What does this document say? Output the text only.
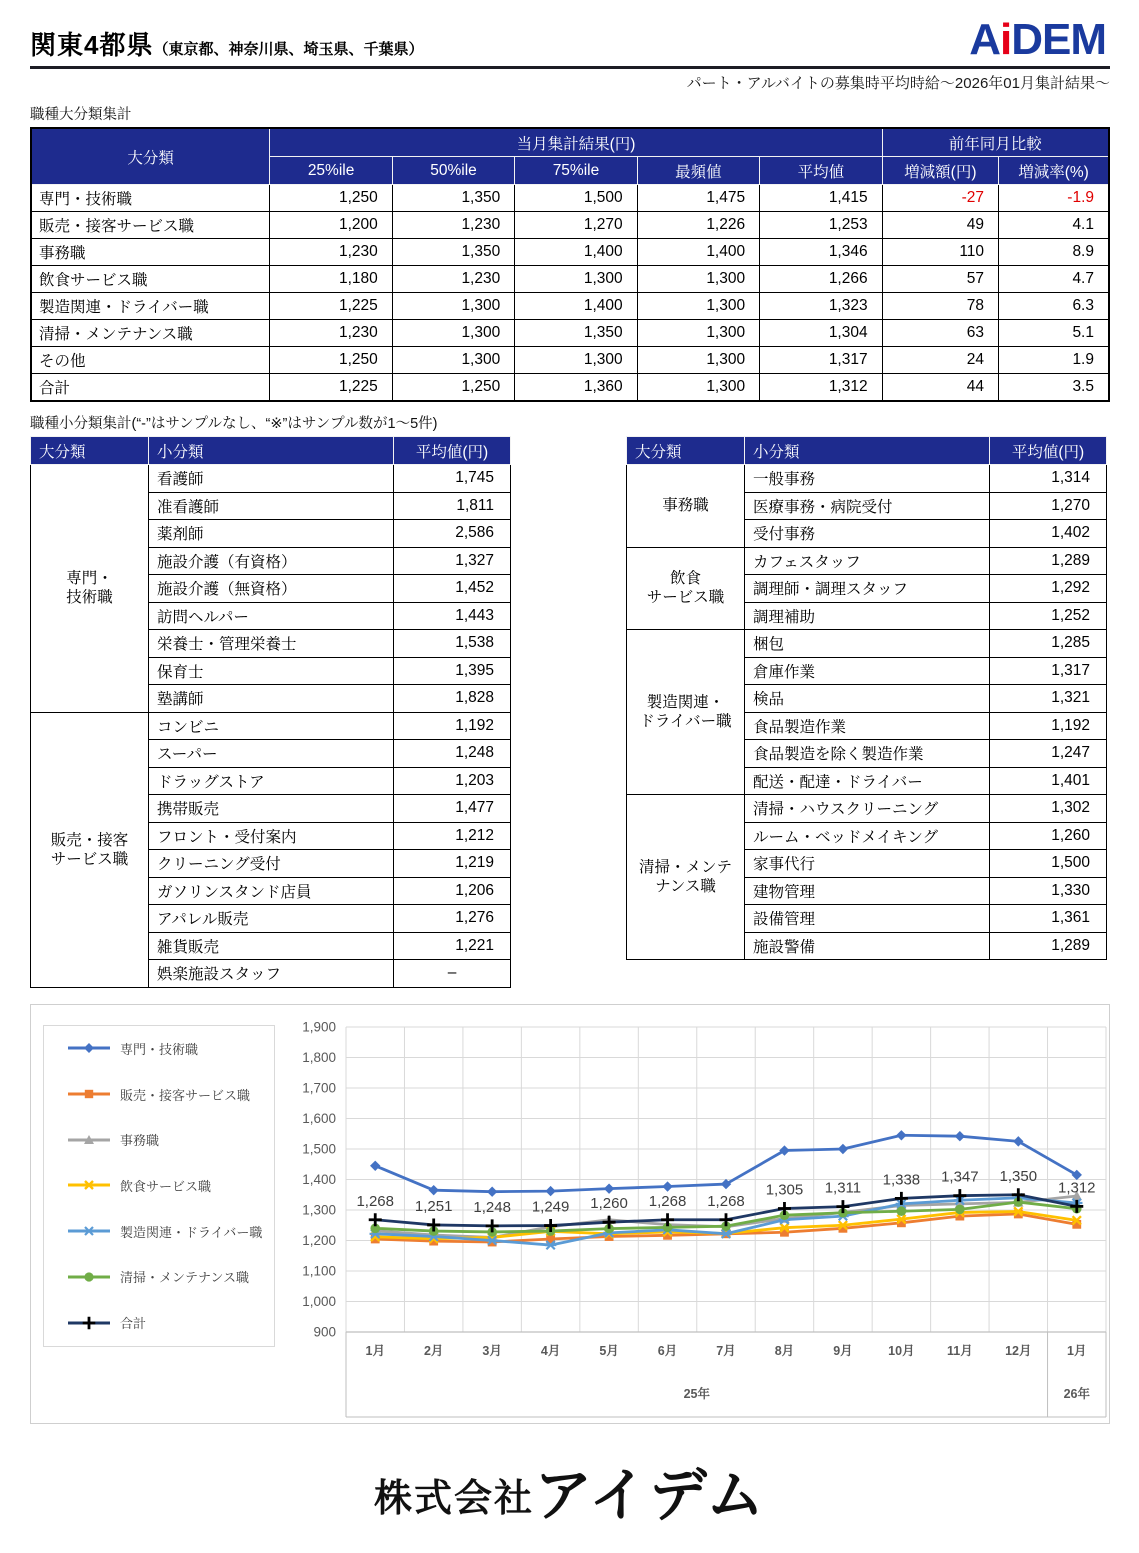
関東4都県（東京都、神奈川県、埼玉県、千葉県）	AiDEM
パート・アルバイトの募集時平均時給～2026年01月集計結果～
職種大分類集計
大分類	当月集計結果(円)					前年同月比較	
	25%ile	50%ile	75%ile	最頻値	平均値	増減額(円)	増減率(%)
専門・技術職	1,250	1,350	1,500	1,475	1,415	-27	-1.9
販売・接客サービス職	1,200	1,230	1,270	1,226	1,253	49	4.1
事務職	1,230	1,350	1,400	1,400	1,346	110	8.9
飲食サービス職	1,180	1,230	1,300	1,300	1,266	57	4.7
製造関連・ドライバー職	1,225	1,300	1,400	1,300	1,323	78	6.3
清掃・メンテナンス職	1,230	1,300	1,350	1,300	1,304	63	5.1
その他	1,250	1,300	1,300	1,300	1,317	24	1.9
合計	1,225	1,250	1,360	1,300	1,312	44	3.5
職種小分類集計(“-”はサンプルなし、“※”はサンプル数が1～5件)
大分類	小分類	平均値(円)
専門・
技術職	看護師	1,745
	准看護師	1,811
	薬剤師	2,586
	施設介護（有資格）	1,327
	施設介護（無資格）	1,452
	訪問ヘルパー	1,443
	栄養士・管理栄養士	1,538
	保育士	1,395
	塾講師	1,828
販売・接客
サービス職	コンビニ	1,192
	スーパー	1,248
	ドラッグストア	1,203
	携帯販売	1,477
	フロント・受付案内	1,212
	クリーニング受付	1,219
	ガソリンスタンド店員	1,206
	アパレル販売	1,276
	雑貨販売	1,221
	娯楽施設スタッフ	–
大分類	小分類	平均値(円)
事務職	一般事務	1,314
	医療事務・病院受付	1,270
	受付事務	1,402
飲食
サービス職	カフェスタッフ	1,289
	調理師・調理スタッフ	1,292
	調理補助	1,252
製造関連・
ドライバー職	梱包	1,285
	倉庫作業	1,317
	検品	1,321
	食品製造作業	1,192
	食品製造を除く製造作業	1,247
	配送・配達・ドライバー	1,401
清掃・メンテ
ナンス職	清掃・ハウスクリーニング	1,302
	ルーム・ベッドメイキング	1,260
	家事代行	1,500
	建物管理	1,330
	設備管理	1,361
	施設警備	1,289
専門・技術職
販売・接客サービス職
事務職
飲食サービス職
製造関連・ドライバー職
清掃・メンテナンス職
合計
900
1,000
1,100
1,200
1,300
1,400
1,500
1,600
1,700
1,800
1,900
1月	2月	3月	4月	5月	6月	7月	8月	9月	10月	11月	12月	1月
25年	26年
1,268 1,251 1,248 1,249 1,260 1,268 1,268
1,305 1,311 1,338 1,347 1,350
1,312
株式会社アイデム
